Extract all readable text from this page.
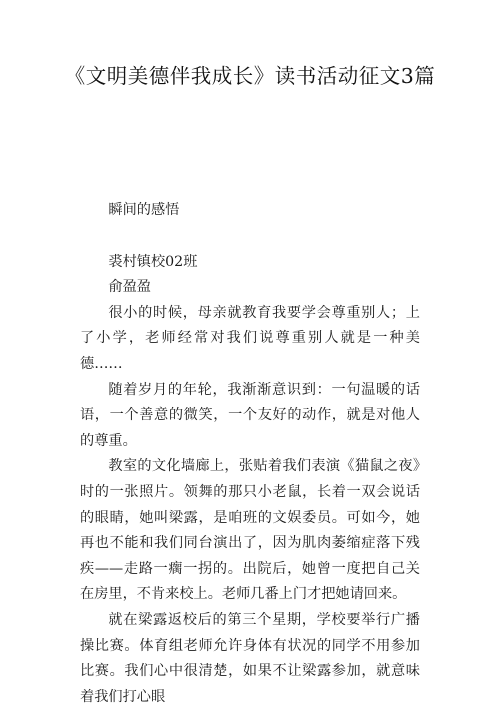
《文明美德伴我成长》读书活动征文3篇

瞬间的感悟

裘村镇校02班

俞盈盈

很小的时候，母亲就教育我要学会尊重别人；上了小学，老师经常对我们说尊重别人就是一种美德……

随着岁月的年轮，我渐渐意识到：一句温暖的话语，一个善意的微笑，一个友好的动作，就是对他人的尊重。

教室的文化墙廊上，张贴着我们表演《猫鼠之夜》时的一张照片。领舞的那只小老鼠，长着一双会说话的眼睛，她叫梁露，是咱班的文娱委员。可如今，她再也不能和我们同台演出了，因为肌肉萎缩症落下残疾——走路一瘸一拐的。出院后，她曾一度把自己关在房里，不肯来校上。老师几番上门才把她请回来。

就在梁露返校后的第三个星期，学校要举行广播操比赛。体育组老师允许身体有状况的同学不用参加比赛。我们心中很清楚，如果不让梁露参加，就意味着我们打心眼
